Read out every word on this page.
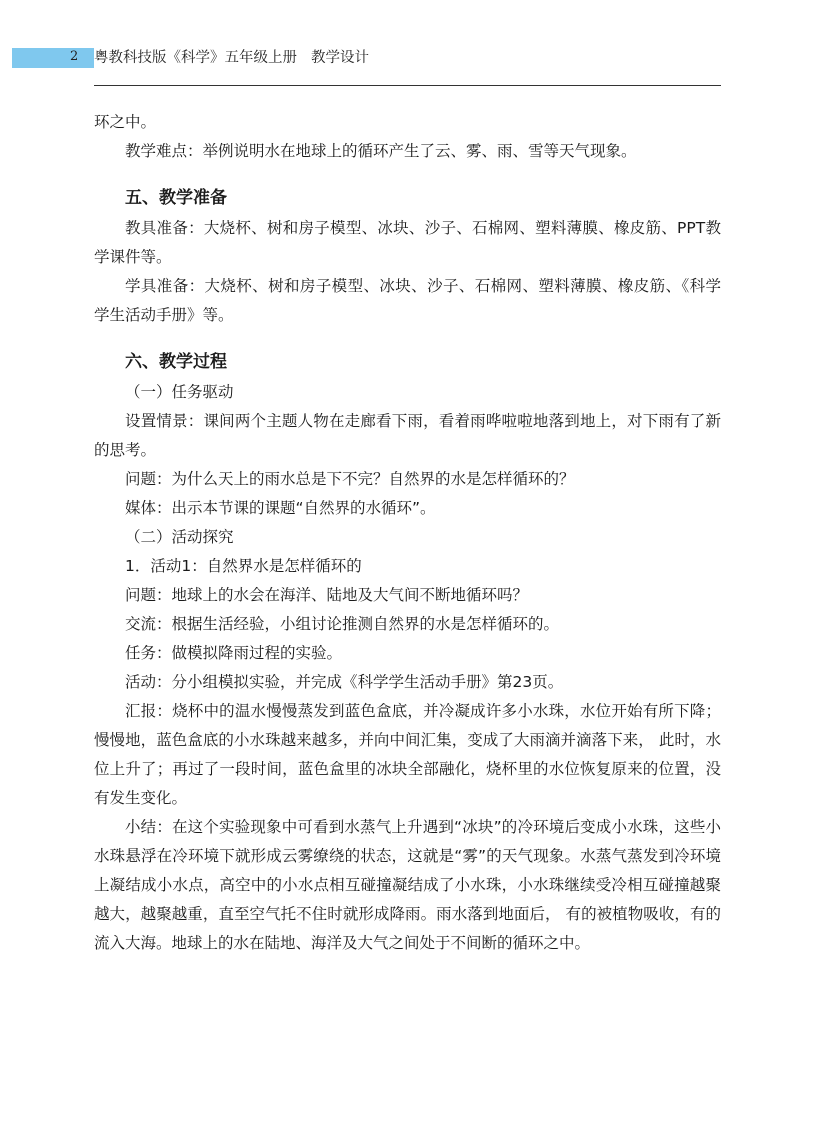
2	粤教科技版《科学》五年级上册 教学设计

环之中。

教学难点：举例说明水在地球上的循环产生了云、雾、雨、雪等天气现象。

五、教学准备

教具准备：大烧杯、树和房子模型、冰块、沙子、石棉网、塑料薄膜、橡皮筋、PPT教学课件等。

学具准备：大烧杯、树和房子模型、冰块、沙子、石棉网、塑料薄膜、橡皮筋、《科学学生活动手册》等。

六、教学过程

（一）任务驱动

设置情景：课间两个主题人物在走廊看下雨，看着雨哗啦啦地落到地上，对下雨有了新的思考。

问题：为什么天上的雨水总是下不完？自然界的水是怎样循环的？

媒体：出示本节课的课题“自然界的水循环”。

（二）活动探究

1．活动1：自然界水是怎样循环的

问题：地球上的水会在海洋、陆地及大气间不断地循环吗？

交流：根据生活经验，小组讨论推测自然界的水是怎样循环的。

任务：做模拟降雨过程的实验。

活动：分小组模拟实验，并完成《科学学生活动手册》第23页。

汇报：烧杯中的温水慢慢蒸发到蓝色盒底，并冷凝成许多小水珠，水位开始有所下降；慢慢地，蓝色盒底的小水珠越来越多，并向中间汇集，变成了大雨滴并滴落下来， 此时，水位上升了；再过了一段时间，蓝色盒里的冰块全部融化，烧杯里的水位恢复原来的位置，没有发生变化。

小结：在这个实验现象中可看到水蒸气上升遇到“冰块”的冷环境后变成小水珠，这些小水珠悬浮在冷环境下就形成云雾缭绕的状态，这就是“雾”的天气现象。水蒸气蒸发到冷环境上凝结成小水点，高空中的小水点相互碰撞凝结成了小水珠，小水珠继续受冷相互碰撞越聚越大，越聚越重，直至空气托不住时就形成降雨。雨水落到地面后， 有的被植物吸收，有的流入大海。地球上的水在陆地、海洋及大气之间处于不间断的循环之中。
